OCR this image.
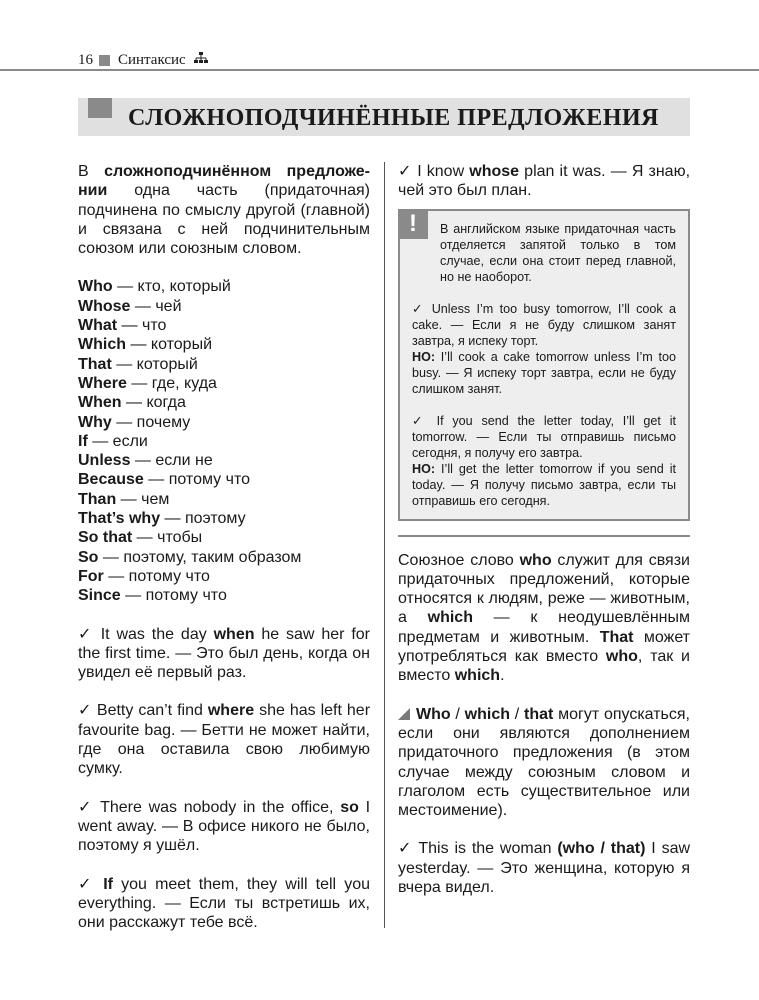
16 Синтаксис
СЛОЖНОПОДЧИНЁННЫЕ ПРЕДЛОЖЕНИЯ

В сложноподчинённом предложе-нии одна часть (придаточная) подчинена по смыслу другой (главной) и связана с ней подчинительным союзом или союзным словом.

Who — кто, который
Whose — чей
What — что
Which — который
That — который
Where — где, куда
When — когда
Why — почему
If — если
Unless — если не
Because — потому что
Than — чем
That’s why — поэтому
So that — чтобы
So — поэтому, таким образом
For — потому что
Since — потому что

✓ It was the day when he saw her for the first time. — Это был день, когда он увидел её первый раз.

✓ Betty can’t find where she has left her favourite bag. — Бетти не может найти, где она оставила свою любимую сумку.

✓ There was nobody in the office, so I went away. — В офисе никого не было, поэтому я ушёл.

✓ If you meet them, they will tell you everything. — Если ты встретишь их, они расскажут тебе всё.

✓ I know whose plan it was. — Я знаю, чей это был план.

!	В английском языке придаточная часть отделяется запятой только в том случае, если она стоит перед главной, но не наоборот.

✓ Unless I’m too busy tomorrow, I’ll cook a cake. — Если я не буду слишком занят завтра, я испеку торт.

НО: I’ll cook a cake tomorrow unless I’m too busy. — Я испеку торт завтра, если не буду слишком занят.

✓ If you send the letter today, I’ll get it tomorrow. — Если ты отправишь письмо сегодня, я получу его завтра.

НО: I’ll get the letter tomorrow if you send it today. — Я получу письмо завтра, если ты отправишь его сегодня.

Союзное слово who служит для связи придаточных предложений, которые относятся к людям, реже — животным, а which — к неодушевлённым предметам и животным. That может употребляться как вместо who, так и вместо which.

Who / which / that могут опускаться, если они являются дополнением придаточного предложения (в этом случае между союзным словом и глаголом есть существительное или местоимение).

✓ This is the woman (who / that) I saw yesterday. — Это женщина, которую я вчера видел.
